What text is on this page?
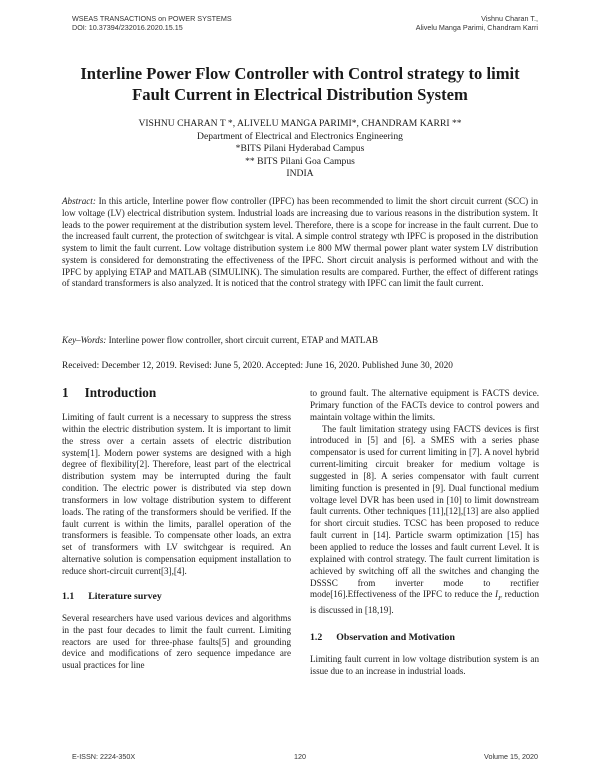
WSEAS TRANSACTIONS on POWER SYSTEMS
DOI: 10.37394/232016.2020.15.15
Vishnu Charan T.,
Alivelu Manga Parimi, Chandram Karri
Interline Power Flow Controller with Control strategy to limit
Fault Current in Electrical Distribution System
VISHNU CHARAN T *, ALIVELU MANGA PARIMI*, CHANDRAM KARRI **
Department of Electrical and Electronics Engineering
*BITS Pilani Hyderabad Campus
** BITS Pilani Goa Campus
INDIA
Abstract: In this article, Interline power flow controller (IPFC) has been recommended to limit the short circuit current (SCC) in low voltage (LV) electrical distribution system. Industrial loads are increasing due to various reasons in the distribution system. It leads to the power requirement at the distribution system level. Therefore, there is a scope for increase in the fault current. Due to the increased fault current, the protection of switchgear is vital. A simple control strategy wth IPFC is proposed in the distribution system to limit the fault current. Low voltage distribution system i.e 800 MW thermal power plant water system LV distribution system is considered for demonstrating the effectiveness of the IPFC. Short circuit analysis is performed without and with the IPFC by applying ETAP and MATLAB (SIMULINK). The simulation results are compared. Further, the effect of different ratings of standard transformers is also analyzed. It is noticed that the control strategy with IPFC can limit the fault current.
Key–Words: Interline power flow controller, short circuit current, ETAP and MATLAB
Received: December 12, 2019. Revised: June 5, 2020. Accepted: June 16, 2020. Published June 30, 2020
1 Introduction

Limiting of fault current is a necessary to suppress the stress within the electric distribution system. It is important to limit the stress over a certain assets of electric distribution system[1]. Modern power systems are designed with a high degree of flexibility[2]. Therefore, least part of the electrical distribution system may be interrupted during the fault condition. The electric power is distributed via step down transformers in low voltage distribution system to different loads. The rating of the transformers should be verified. If the fault current is within the limits, parallel operation of the transformers is feasible. To compensate other loads, an extra set of transformers with LV switchgear is required. An alternative solution is compensation equipment installation to reduce short-circuit current[3],[4].

1.1 Literature survey

Several researchers have used various devices and algorithms in the past four decades to limit the fault current. Limiting reactors are used for three-phase faults[5] and grounding device and modifications of zero sequence impedance are usual practices for line

to ground fault. The alternative equipment is FACTS device. Primary function of the FACTs device to control powers and maintain voltage within the limits.

The fault limitation strategy using FACTS devices is first introduced in [5] and [6]. a SMES with a series phase compensator is used for current limiting in [7]. A novel hybrid current-limiting circuit breaker for medium voltage is suggested in [8]. A series compensator with fault current limiting function is presented in [9]. Dual functional medium voltage level DVR has been used in [10] to limit downstream fault currents. Other techniques [11],[12],[13] are also applied for short circuit studies. TCSC has been proposed to reduce fault current in [14]. Particle swarm optimization [15] has been applied to reduce the losses and fault current Level. It is explained with control strategy. The fault current limitation is achieved by switching off all the switches and changing the DSSSC from inverter mode to rectifier mode[16].Effectiveness of the IPFC to reduce the $I_F$ reduction is discussed in [18,19].

1.2 Observation and Motivation

Limiting fault current in low voltage distribution system is an issue due to an increase in industrial loads.

E-ISSN: 2224-350X	120	Volume 15, 2020
